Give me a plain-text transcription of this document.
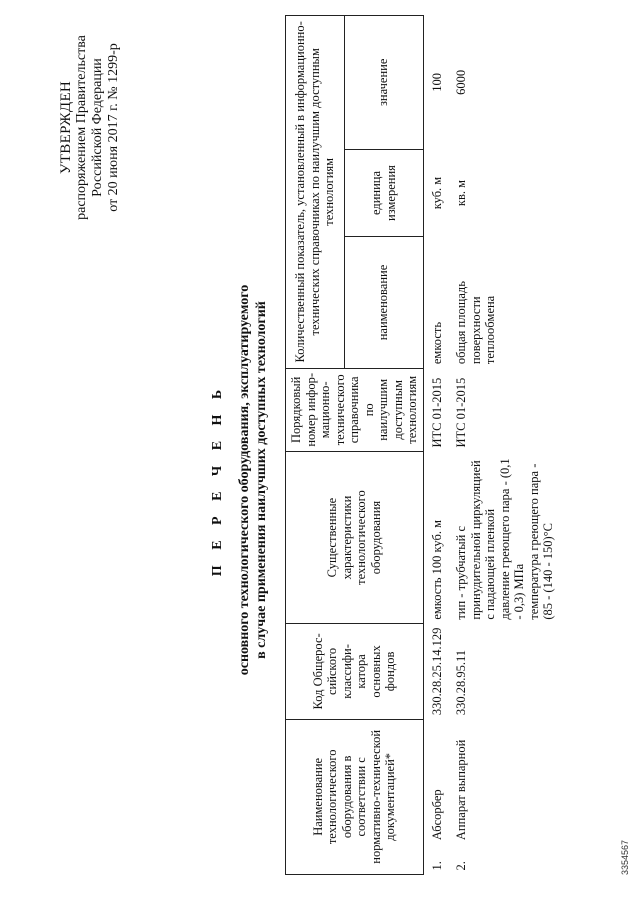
УТВЕРЖДЕН распоряжением Правительства Российской Федерации от 20 июня 2017 г. № 1299-р
П Е Р Е Ч Е Н Ь основного технологического оборудования, эксплуатируемого в случае применения наилучших доступных технологий
Наименование технологического оборудования в соответствии с нормативно-технической документацией*		Код Общерос-сийского классифи-катора основных фондов	Существенные характеристики технологического оборудования	Порядковый номер инфор-мационно-технического справочника по наилучшим доступным технологиям	Количественный показатель, установленный в информационно-технических справочниках по наилучшим доступным технологиям		
					наименование	единица измерения	значение
1.	Абсорбер	330.28.25.14.129	емкость 100 куб. м	ИТС 01-2015	емкость	куб. м	100
2.	Аппарат выпарной	330.28.95.11	тип - трубчатый с принудительной циркуляцией с падающей пленкой давление греющего пара - (0,1 - 0,3) МПа температура греющего пара - (85 - (140 - 150)°С	ИТС 01-2015	общая площадь поверхности теплообмена	кв. м	6000
3354567
